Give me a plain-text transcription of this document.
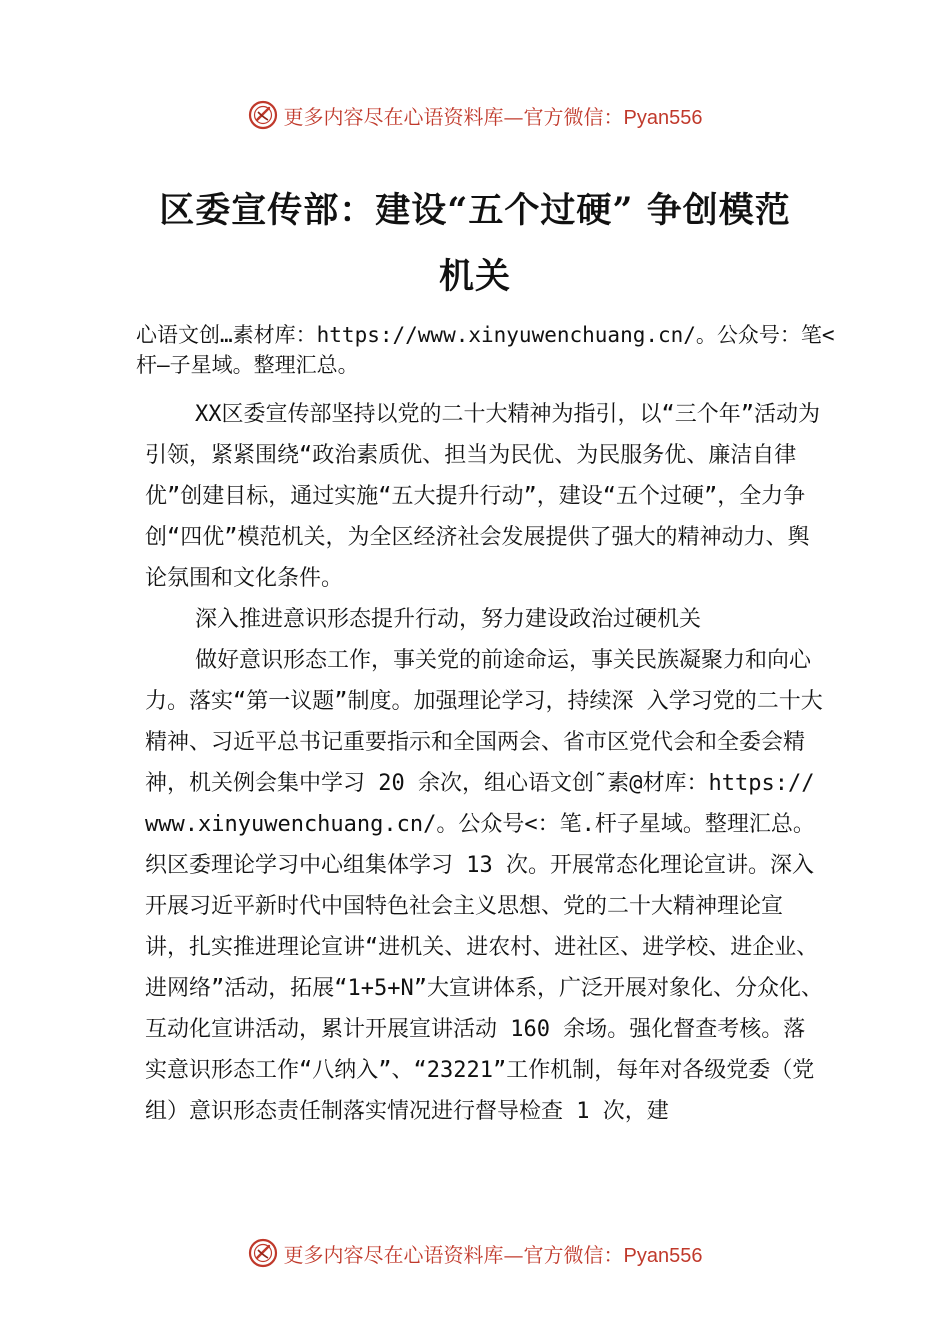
更多内容尽在心语资料库—官方微信：Pyan556
区委宣传部：建设“五个过硬” 争创模范
机关
心语文创…素材库：https://www.xinyuwenchuang.cn/。公众号：笔<杆—子星域。整理汇总。

XX区委宣传部坚持以党的二十大精神为指引，以“三个年”活动为引领，紧紧围绕“政治素质优、担当为民优、为民服务优、廉洁自律优”创建目标，通过实施“五大提升行动”，建设“五个过硬”，全力争创“四优”模范机关，为全区经济社会发展提供了强大的精神动力、舆论氛围和文化条件。

深入推进意识形态提升行动，努力建设政治过硬机关

做好意识形态工作，事关党的前途命运，事关民族凝聚力和向心力。落实“第一议题”制度。加强理论学习，持续深 入学习党的二十大精神、习近平总书记重要指示和全国两会、省市区党代会和全委会精神，机关例会集中学习 20 余次，组心语文创˜素@材库：https://www.xinyuwenchuang.cn/。公众号<：笔.杆子星域。整理汇总。

织区委理论学习中心组集体学习 13 次。开展常态化理论宣讲。深入开展习近平新时代中国特色社会主义思想、党的二十大精神理论宣讲，扎实推进理论宣讲“进机关、进农村、进社区、进学校、进企业、进网络”活动，拓展“1+5+N”大宣讲体系，广泛开展对象化、分众化、互动化宣讲活动，累计开展宣讲活动 160 余场。强化督查考核。落实意识形态工作“八纳入”、“23221”工作机制，每年对各级党委（党组）意识形态责任制落实情况进行督导检查 1 次，建

更多内容尽在心语资料库—官方微信：Pyan556
